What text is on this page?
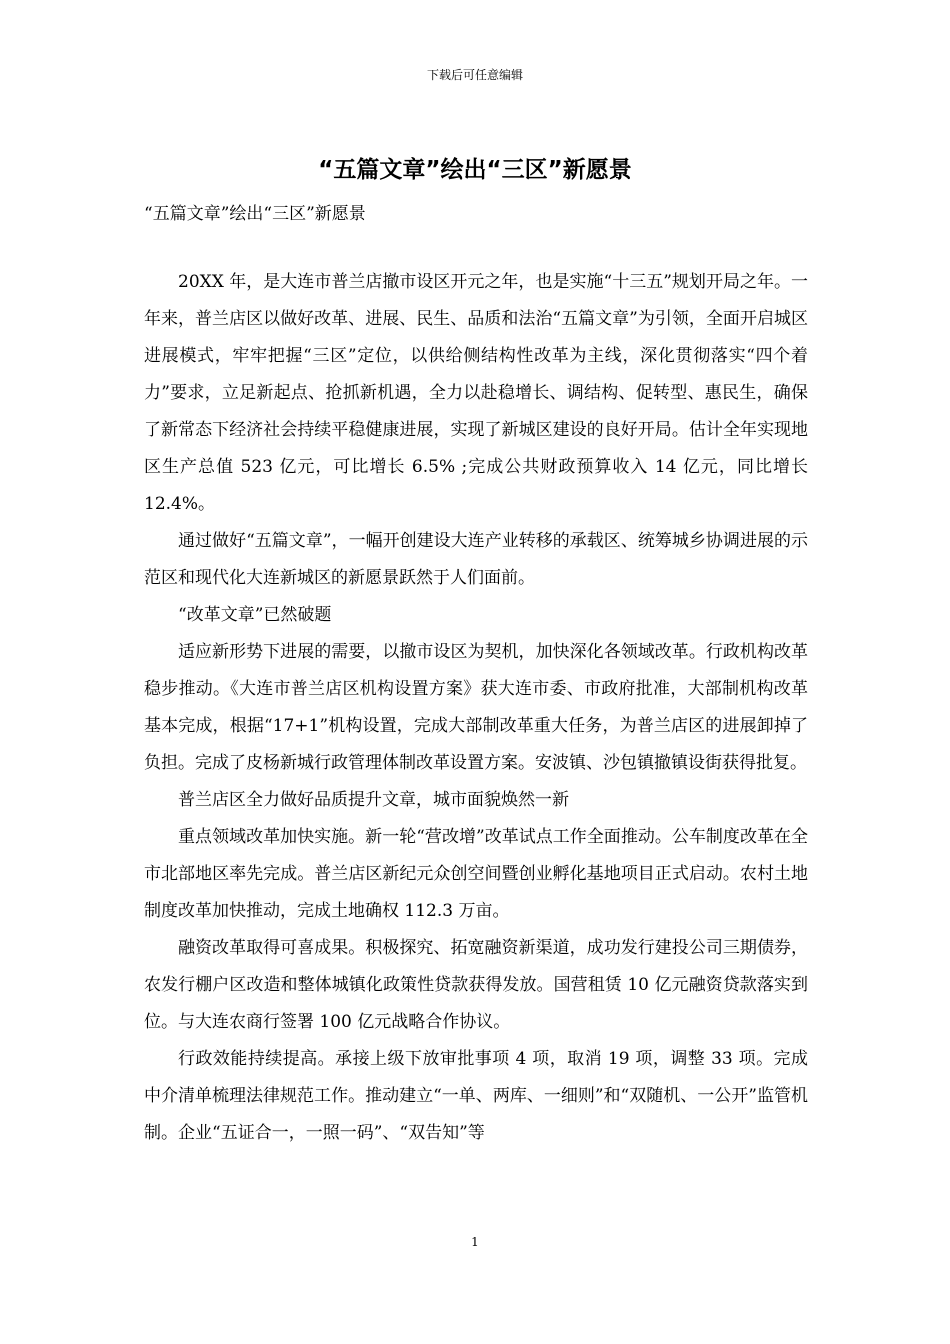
下载后可任意编辑
“五篇文章”绘出“三区”新愿景
“五篇文章”绘出“三区”新愿景

20XX 年，是大连市普兰店撤市设区开元之年，也是实施“十三五”规划开局之年。一年来，普兰店区以做好改革、进展、民生、品质和法治“五篇文章”为引领，全面开启城区进展模式，牢牢把握“三区”定位，以供给侧结构性改革为主线，深化贯彻落实“四个着力”要求，立足新起点、抢抓新机遇，全力以赴稳增长、调结构、促转型、惠民生，确保了新常态下经济社会持续平稳健康进展，实现了新城区建设的良好开局。估计全年实现地区生产总值 523 亿元，可比增长 6.5% ;完成公共财政预算收入 14 亿元，同比增长 12.4%。

通过做好“五篇文章”，一幅开创建设大连产业转移的承载区、统筹城乡协调进展的示范区和现代化大连新城区的新愿景跃然于人们面前。

“改革文章”已然破题

适应新形势下进展的需要，以撤市设区为契机，加快深化各领域改革。行政机构改革稳步推动。《大连市普兰店区机构设置方案》获大连市委、市政府批准，大部制机构改革基本完成，根据“17+1”机构设置，完成大部制改革重大任务，为普兰店区的进展卸掉了负担。完成了皮杨新城行政管理体制改革设置方案。安波镇、沙包镇撤镇设街获得批复。

普兰店区全力做好品质提升文章，城市面貌焕然一新

重点领域改革加快实施。新一轮“营改增”改革试点工作全面推动。公车制度改革在全市北部地区率先完成。普兰店区新纪元众创空间暨创业孵化基地项目正式启动。农村土地制度改革加快推动，完成土地确权 112.3 万亩。

融资改革取得可喜成果。积极探究、拓宽融资新渠道，成功发行建投公司三期债券，农发行棚户区改造和整体城镇化政策性贷款获得发放。国营租赁 10 亿元融资贷款落实到位。与大连农商行签署 100 亿元战略合作协议。

行政效能持续提高。承接上级下放审批事项 4 项，取消 19 项，调整 33 项。完成中介清单梳理法律规范工作。推动建立“一单、两库、一细则”和“双随机、一公开”监管机制。企业“五证合一，一照一码”、“双告知”等

1
